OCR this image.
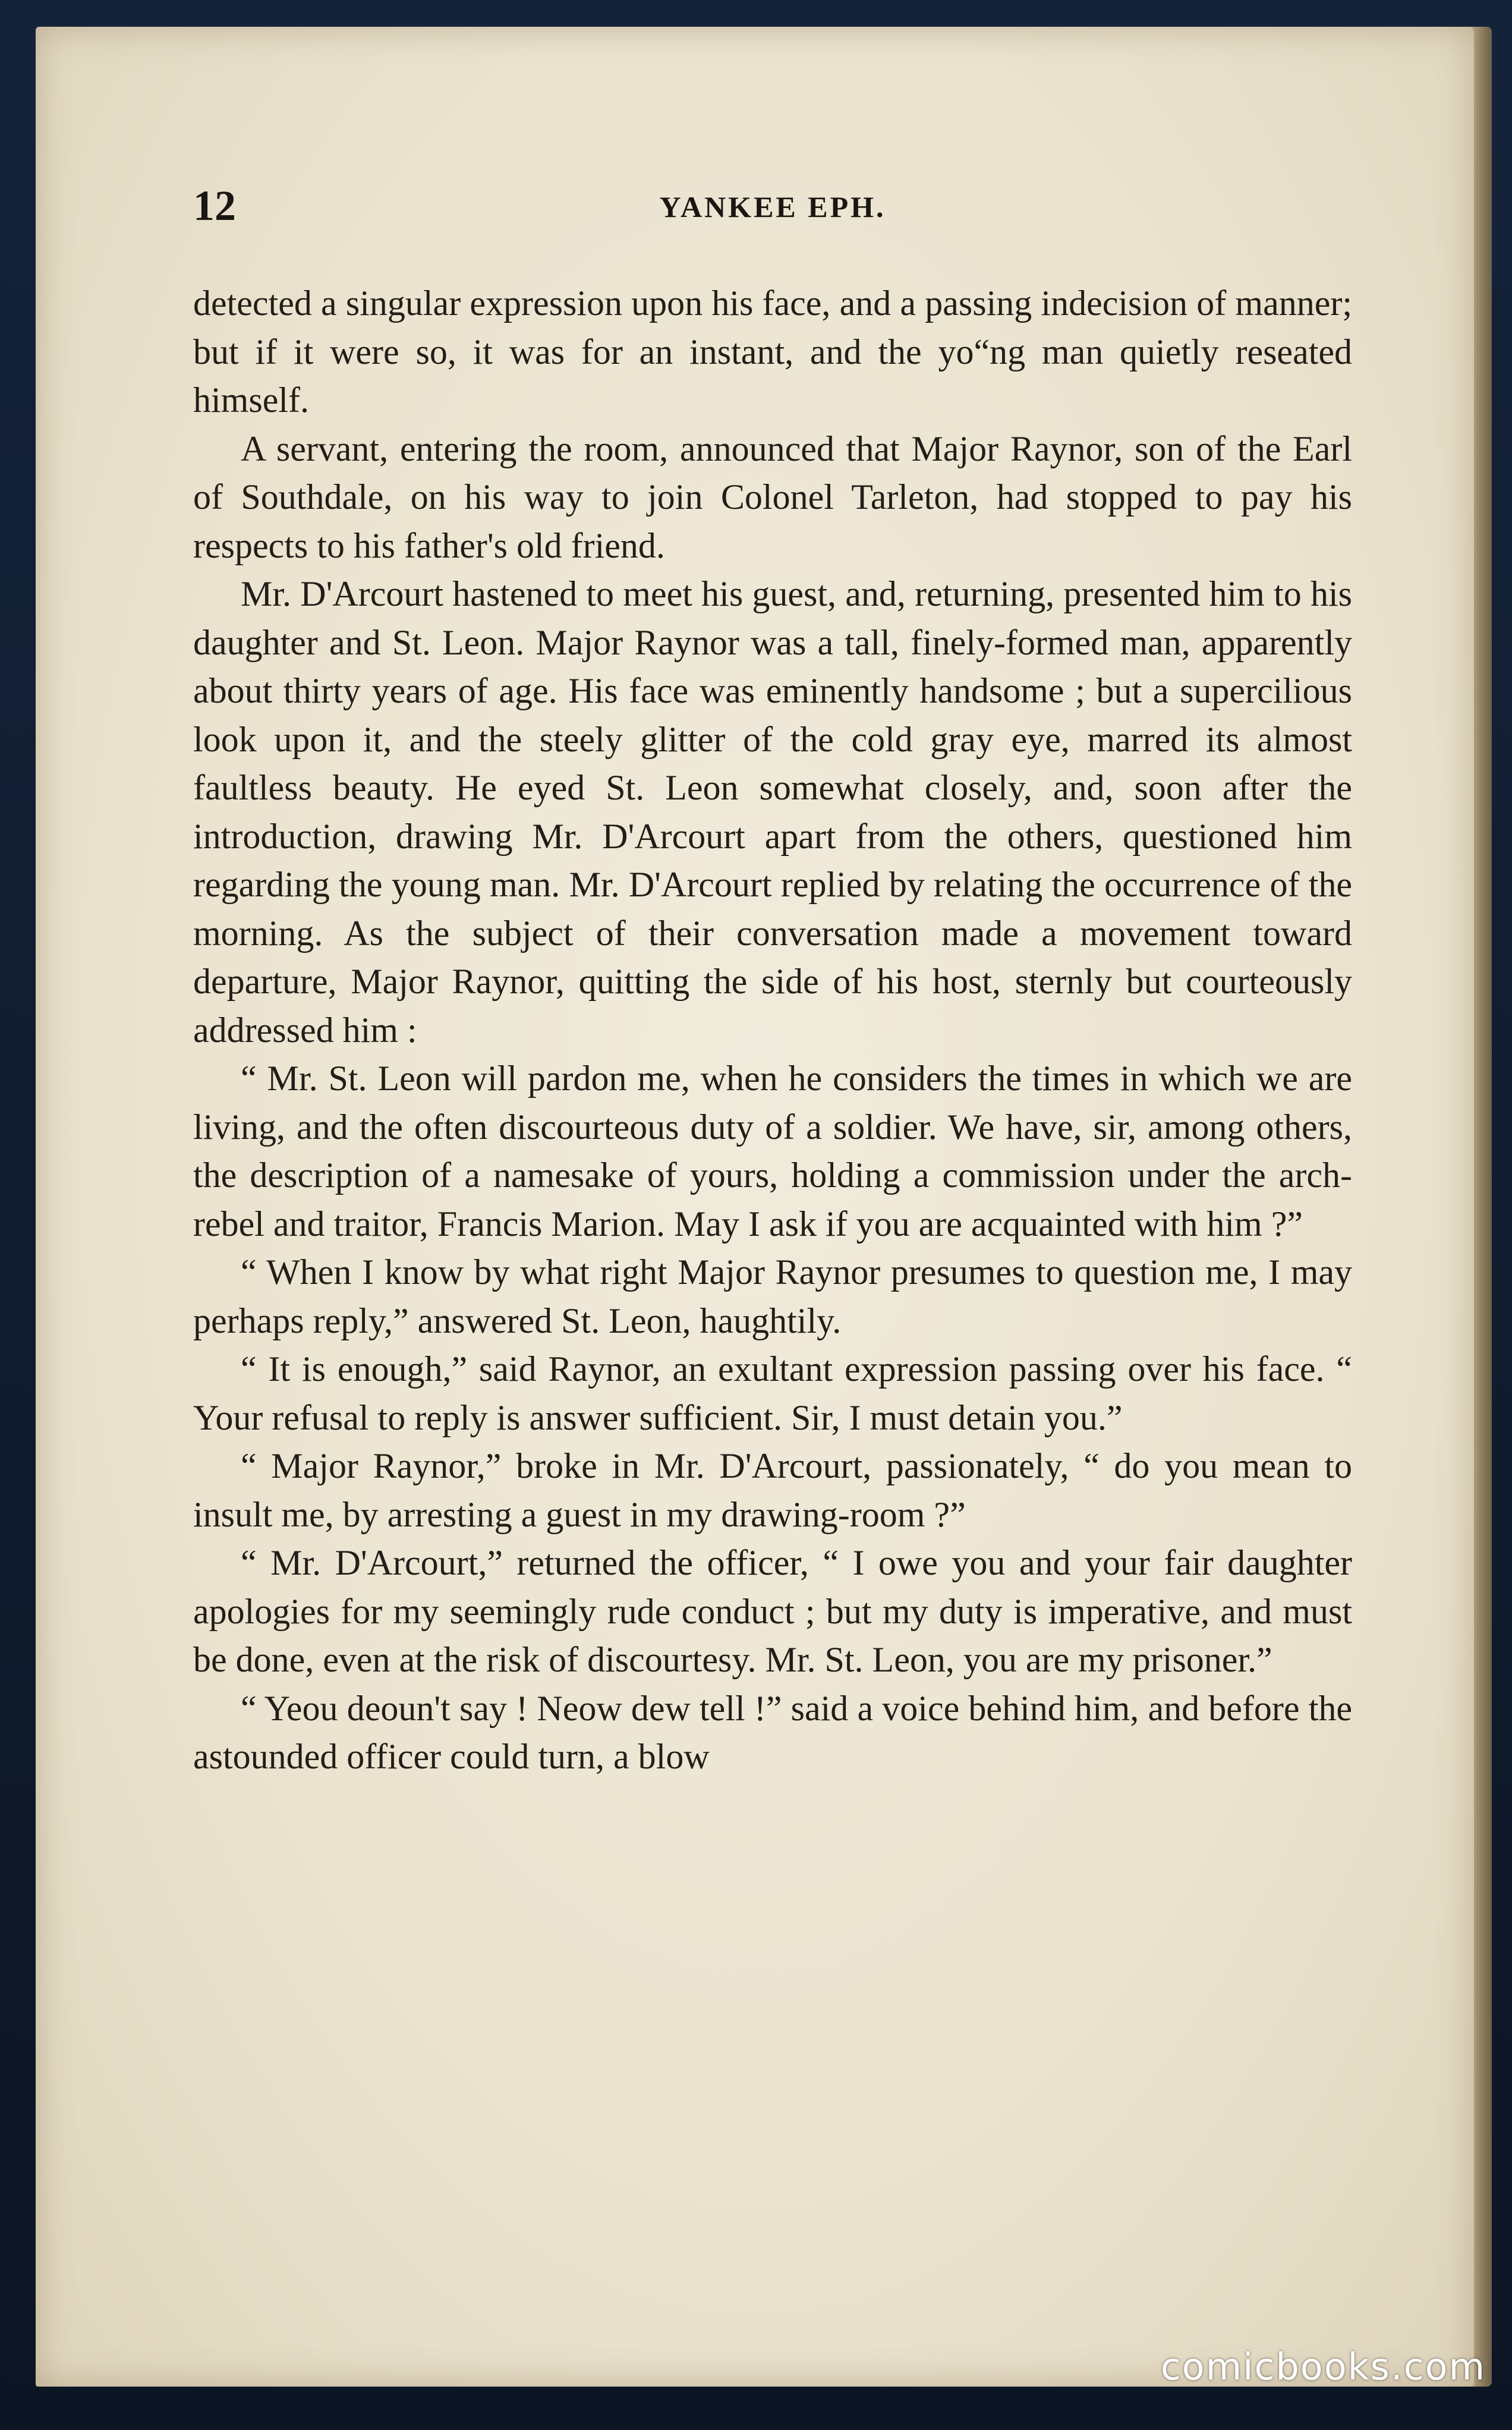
12	YANKEE EPH.

detected a singular expression upon his face, and a passing indecision of manner; but if it were so, it was for an instant, and the yo“ng man quietly reseated himself.

A servant, entering the room, announced that Major Raynor, son of the Earl of Southdale, on his way to join Colonel Tarleton, had stopped to pay his respects to his father's old friend.

Mr. D'Arcourt hastened to meet his guest, and, returning, presented him to his daughter and St. Leon. Major Raynor was a tall, finely-formed man, apparently about thirty years of age. His face was eminently handsome ; but a supercilious look upon it, and the steely glitter of the cold gray eye, marred its almost faultless beauty. He eyed St. Leon somewhat closely, and, soon after the introduction, drawing Mr. D'Arcourt apart from the others, questioned him regarding the young man. Mr. D'Arcourt replied by relating the occurrence of the morning. As the subject of their conversation made a movement toward departure, Major Raynor, quitting the side of his host, sternly but courteously addressed him :

“ Mr. St. Leon will pardon me, when he considers the times in which we are living, and the often discourteous duty of a soldier. We have, sir, among others, the description of a namesake of yours, holding a commission under the arch-rebel and traitor, Francis Marion. May I ask if you are acquainted with him ?”

“ When I know by what right Major Raynor presumes to question me, I may perhaps reply,” answered St. Leon, haughtily.

“ It is enough,” said Raynor, an exultant expression passing over his face. “ Your refusal to reply is answer sufficient. Sir, I must detain you.”

“ Major Raynor,” broke in Mr. D'Arcourt, passionately, “ do you mean to insult me, by arresting a guest in my drawing-room ?”

“ Mr. D'Arcourt,” returned the officer, “ I owe you and your fair daughter apologies for my seemingly rude conduct ; but my duty is imperative, and must be done, even at the risk of discourtesy. Mr. St. Leon, you are my prisoner.”

“ Yeou deoun't say ! Neow dew tell !” said a voice behind him, and before the astounded officer could turn, a blow

comicbooks.com
